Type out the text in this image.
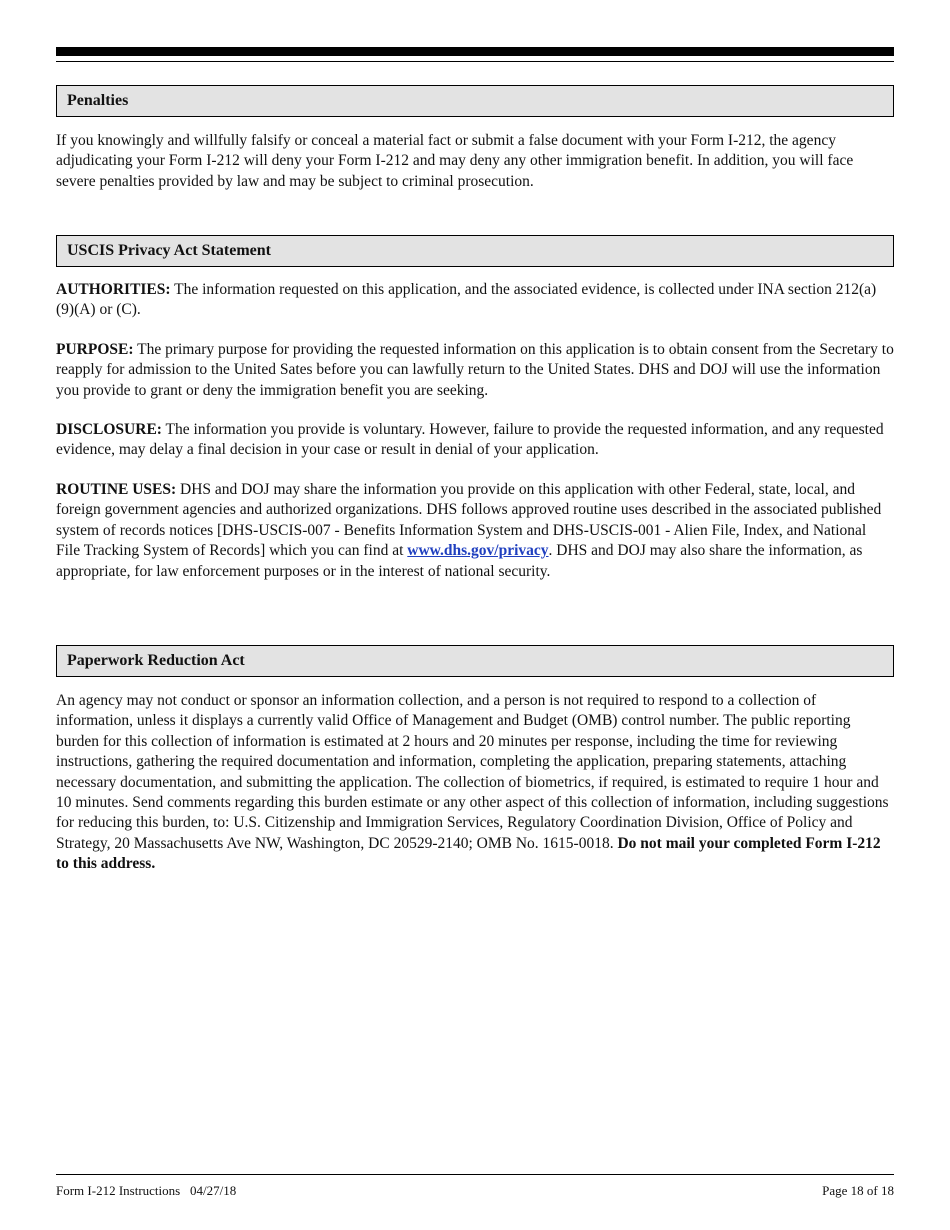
Penalties

If you knowingly and willfully falsify or conceal a material fact or submit a false document with your Form I-212, the agency adjudicating your Form I-212 will deny your Form I-212 and may deny any other immigration benefit. In addition, you will face severe penalties provided by law and may be subject to criminal prosecution.

USCIS Privacy Act Statement

AUTHORITIES: The information requested on this application, and the associated evidence, is collected under INA section 212(a)(9)(A) or (C).

PURPOSE: The primary purpose for providing the requested information on this application is to obtain consent from the Secretary to reapply for admission to the United Sates before you can lawfully return to the United States. DHS and DOJ will use the information you provide to grant or deny the immigration benefit you are seeking.

DISCLOSURE: The information you provide is voluntary. However, failure to provide the requested information, and any requested evidence, may delay a final decision in your case or result in denial of your application.

ROUTINE USES: DHS and DOJ may share the information you provide on this application with other Federal, state, local, and foreign government agencies and authorized organizations. DHS follows approved routine uses described in the associated published system of records notices [DHS-USCIS-007 - Benefits Information System and DHS-USCIS-001 - Alien File, Index, and National File Tracking System of Records] which you can find at www.dhs.gov/privacy. DHS and DOJ may also share the information, as appropriate, for law enforcement purposes or in the interest of national security.

Paperwork Reduction Act

An agency may not conduct or sponsor an information collection, and a person is not required to respond to a collection of information, unless it displays a currently valid Office of Management and Budget (OMB) control number. The public reporting burden for this collection of information is estimated at 2 hours and 20 minutes per response, including the time for reviewing instructions, gathering the required documentation and information, completing the application, preparing statements, attaching necessary documentation, and submitting the application. The collection of biometrics, if required, is estimated to require 1 hour and 10 minutes. Send comments regarding this burden estimate or any other aspect of this collection of information, including suggestions for reducing this burden, to: U.S. Citizenship and Immigration Services, Regulatory Coordination Division, Office of Policy and Strategy, 20 Massachusetts Ave NW, Washington, DC 20529-2140; OMB No. 1615-0018. Do not mail your completed Form I-212 to this address.

Form I-212 Instructions 04/27/18	Page 18 of 18
